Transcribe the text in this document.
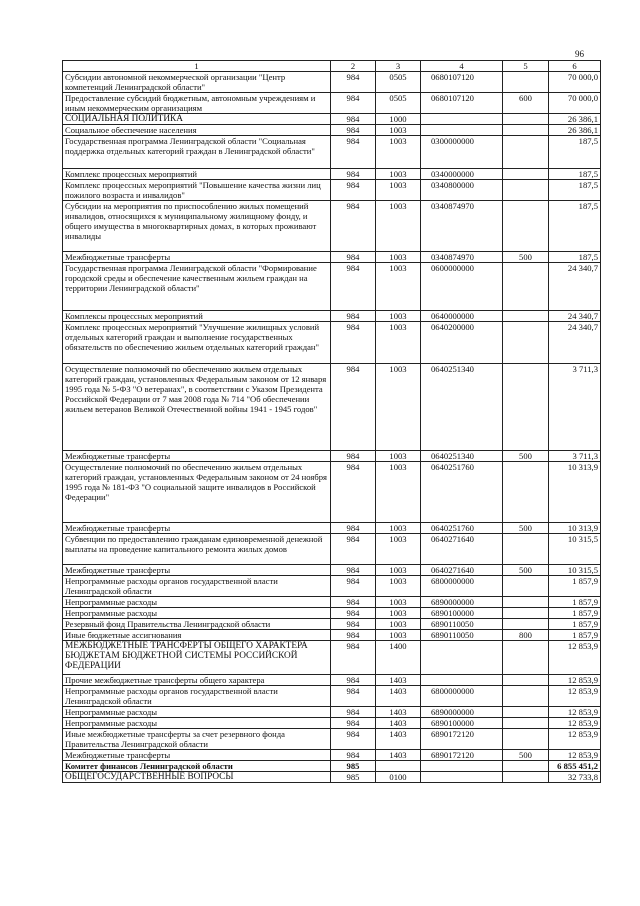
96
1	2	3	4	5	6
Субсидии автономной некоммерческой организации "Центр компетенций Ленинградской области"	984	0505	0680107120		70 000,0
Предоставление субсидий бюджетным, автономным учреждениям и иным некоммерческим организациям	984	0505	0680107120	600	70 000,0
СОЦИАЛЬНАЯ ПОЛИТИКА	984	1000			26 386,1
Социальное обеспечение населения	984	1003			26 386,1
Государственная программа Ленинградской области "Социальная поддержка отдельных категорий граждан в Ленинградской области"	984	1003	0300000000		187,5
Комплекс процессных мероприятий	984	1003	0340000000		187,5
Комплекс процессных мероприятий "Повышение качества жизни лиц пожилого возраста и инвалидов"	984	1003	0340800000		187,5
Субсидии на мероприятия по приспособлению жилых помещений инвалидов, относящихся к муниципальному жилищному фонду, и общего имущества в многоквартирных домах, в которых проживают инвалиды	984	1003	0340874970		187,5
Межбюджетные трансферты	984	1003	0340874970	500	187,5
Государственная программа Ленинградской области "Формирование городской среды и обеспечение качественным жильем граждан на территории Ленинградской области"	984	1003	0600000000		24 340,7
Комплексы процессных мероприятий	984	1003	0640000000		24 340,7
Комплекс процессных мероприятий "Улучшение жилищных условий отдельных категорий граждан и выполнение государственных обязательств по обеспечению жильем отдельных категорий граждан"	984	1003	0640200000		24 340,7
Осуществление полномочий по обеспечению жильем отдельных категорий граждан, установленных Федеральным законом от 12 января 1995 года № 5-ФЗ "О ветеранах", в соответствии с Указом Президента Российской Федерации от 7 мая 2008 года № 714 "Об обеспечении жильем ветеранов Великой Отечественной войны 1941 - 1945 годов"	984	1003	0640251340		3 711,3
Межбюджетные трансферты	984	1003	0640251340	500	3 711,3
Осуществление полномочий по обеспечению жильем отдельных категорий граждан, установленных Федеральным законом от 24 ноября 1995 года № 181-ФЗ "О социальной защите инвалидов в Российской Федерации"	984	1003	0640251760		10 313,9
Межбюджетные трансферты	984	1003	0640251760	500	10 313,9
Субвенции по предоставлению гражданам единовременной денежной выплаты на проведение капитального ремонта жилых домов	984	1003	0640271640		10 315,5
Межбюджетные трансферты	984	1003	0640271640	500	10 315,5
Непрограммные расходы органов государственной власти Ленинградской области	984	1003	6800000000		1 857,9
Непрограммные расходы	984	1003	6890000000		1 857,9
Непрограммные расходы	984	1003	6890100000		1 857,9
Резервный фонд Правительства Ленинградской области	984	1003	6890110050		1 857,9
Иные бюджетные ассигнования	984	1003	6890110050	800	1 857,9
МЕЖБЮДЖЕТНЫЕ ТРАНСФЕРТЫ ОБЩЕГО ХАРАКТЕРА БЮДЖЕТАМ БЮДЖЕТНОЙ СИСТЕМЫ РОССИЙСКОЙ ФЕДЕРАЦИИ	984	1400			12 853,9
Прочие межбюджетные трансферты общего характера	984	1403			12 853,9
Непрограммные расходы органов государственной власти Ленинградской области	984	1403	6800000000		12 853,9
Непрограммные расходы	984	1403	6890000000		12 853,9
Непрограммные расходы	984	1403	6890100000		12 853,9
Иные межбюджетные трансферты за счет резервного фонда Правительства Ленинградской области	984	1403	6890172120		12 853,9
Межбюджетные трансферты	984	1403	6890172120	500	12 853,9
Комитет финансов Ленинградской области	985				6 855 451,2
ОБЩЕГОСУДАРСТВЕННЫЕ ВОПРОСЫ	985	0100			32 733,8
